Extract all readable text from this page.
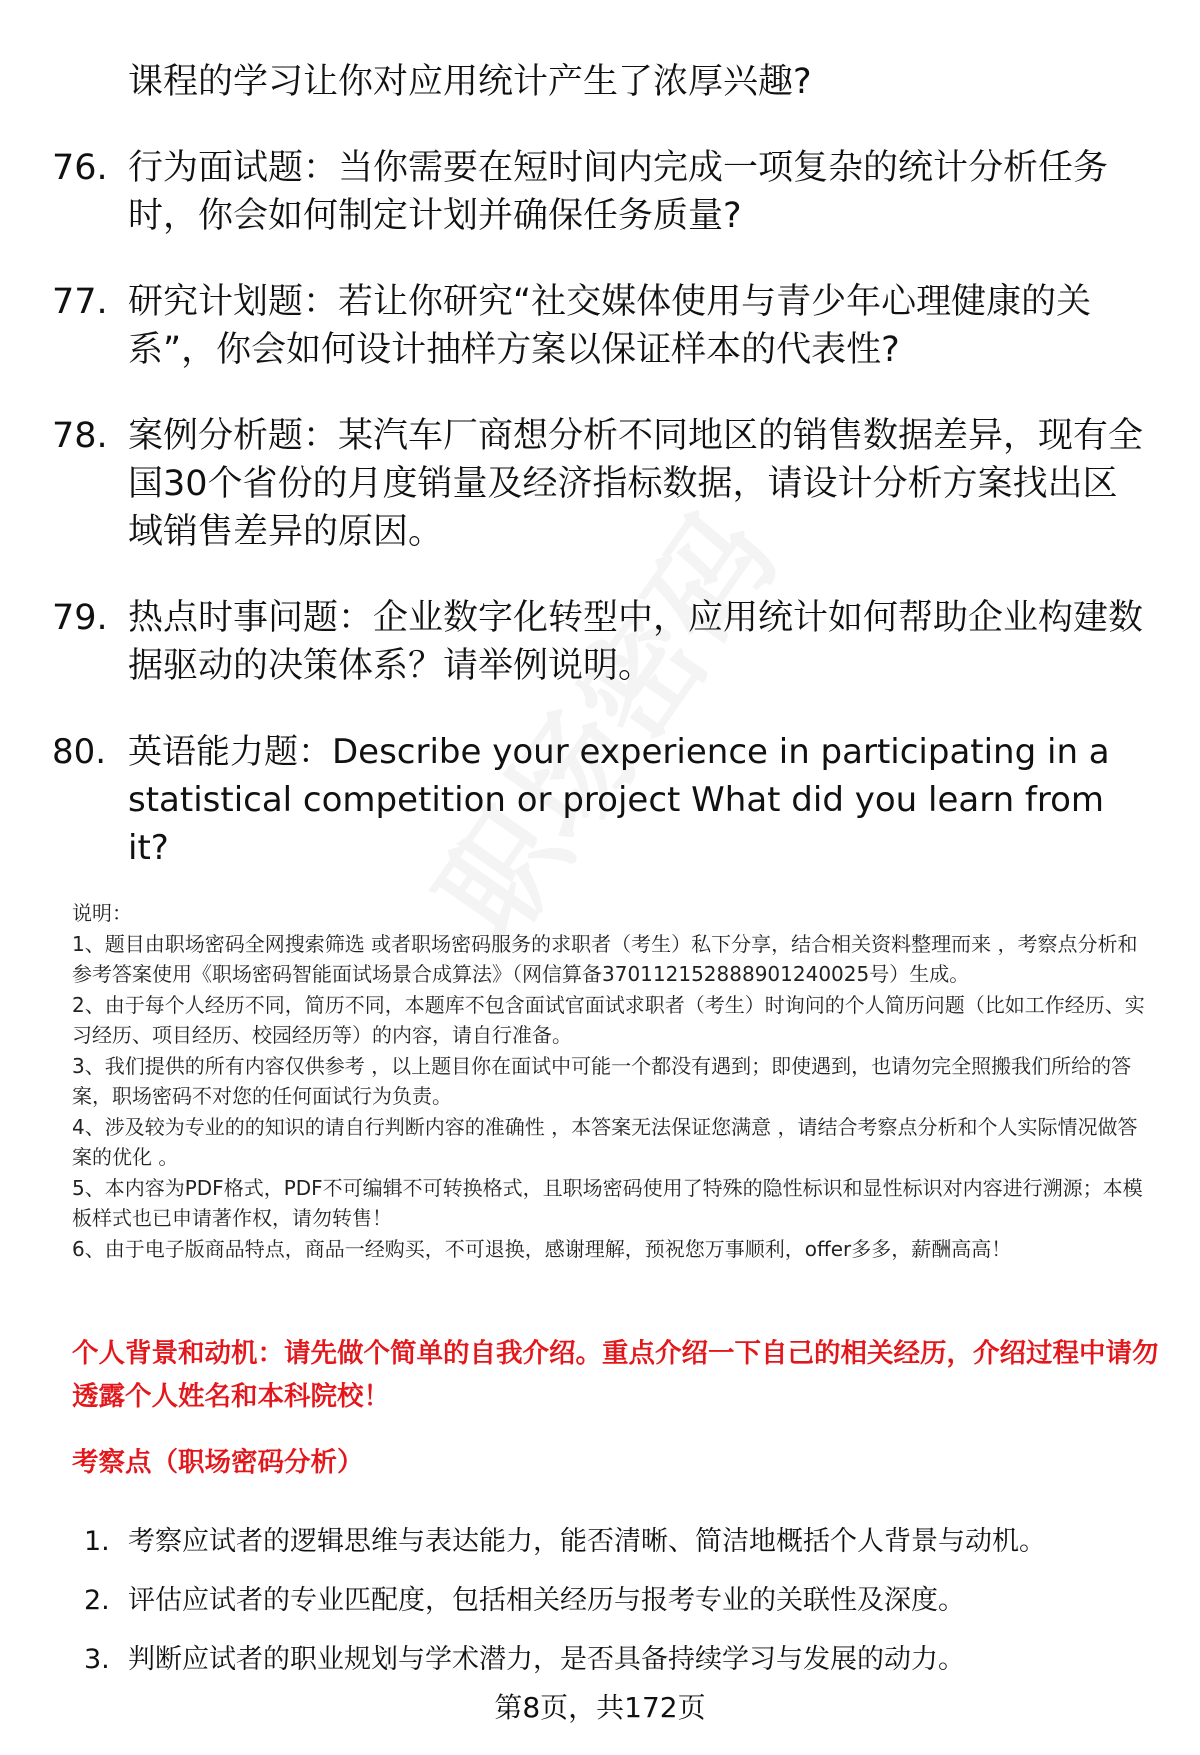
课程的学习让你对应用统计产生了浓厚兴趣?
76. 行为面试题：当你需要在短时间内完成一项复杂的统计分析任务时，你会如何制定计划并确保任务质量?
77. 研究计划题：若让你研究“社交媒体使用与青少年心理健康的关系”，你会如何设计抽样方案以保证样本的代表性?
78. 案例分析题：某汽车厂商想分析不同地区的销售数据差异，现有全国30个省份的月度销量及经济指标数据，请设计分析方案找出区域销售差异的原因。
79. 热点时事问题：企业数字化转型中，应用统计如何帮助企业构建数据驱动的决策体系？请举例说明。
80. 英语能力题：Describe your experience in participating in a statistical competition or project What did you learn from it?

说明：

1、题目由职场密码全网搜索筛选 或者职场密码服务的求职者（考生）私下分享，结合相关资料整理而来 ，考察点分析和参考答案使用《职场密码智能面试场景合成算法》（网信算备370112152888901240025号）生成。

2、由于每个人经历不同，简历不同，本题库不包含面试官面试求职者（考生）时询问的个人简历问题（比如工作经历、实习经历、项目经历、校园经历等）的内容，请自行准备。

3、我们提供的所有内容仅供参考 ，以上题目你在面试中可能一个都没有遇到；即使遇到，也请勿完全照搬我们所给的答案，职场密码不对您的任何面试行为负责。

4、涉及较为专业的的知识的请自行判断内容的准确性 ，本答案无法保证您满意 ，请结合考察点分析和个人实际情况做答案的优化 。

5、本内容为PDF格式，PDF不可编辑不可转换格式，且职场密码使用了特殊的隐性标识和显性标识对内容进行溯源；本模板样式也已申请著作权，请勿转售！

6、由于电子版商品特点，商品一经购买，不可退换，感谢理解，预祝您万事顺利，offer多多，薪酬高高！

个人背景和动机：请先做个简单的自我介绍。重点介绍一下自己的相关经历，介绍过程中请勿透露个人姓名和本科院校！
考察点（职场密码分析）
1. 考察应试者的逻辑思维与表达能力，能否清晰、简洁地概括个人背景与动机。
2. 评估应试者的专业匹配度，包括相关经历与报考专业的关联性及深度。
3. 判断应试者的职业规划与学术潜力，是否具备持续学习与发展的动力。
第8页，共172页
